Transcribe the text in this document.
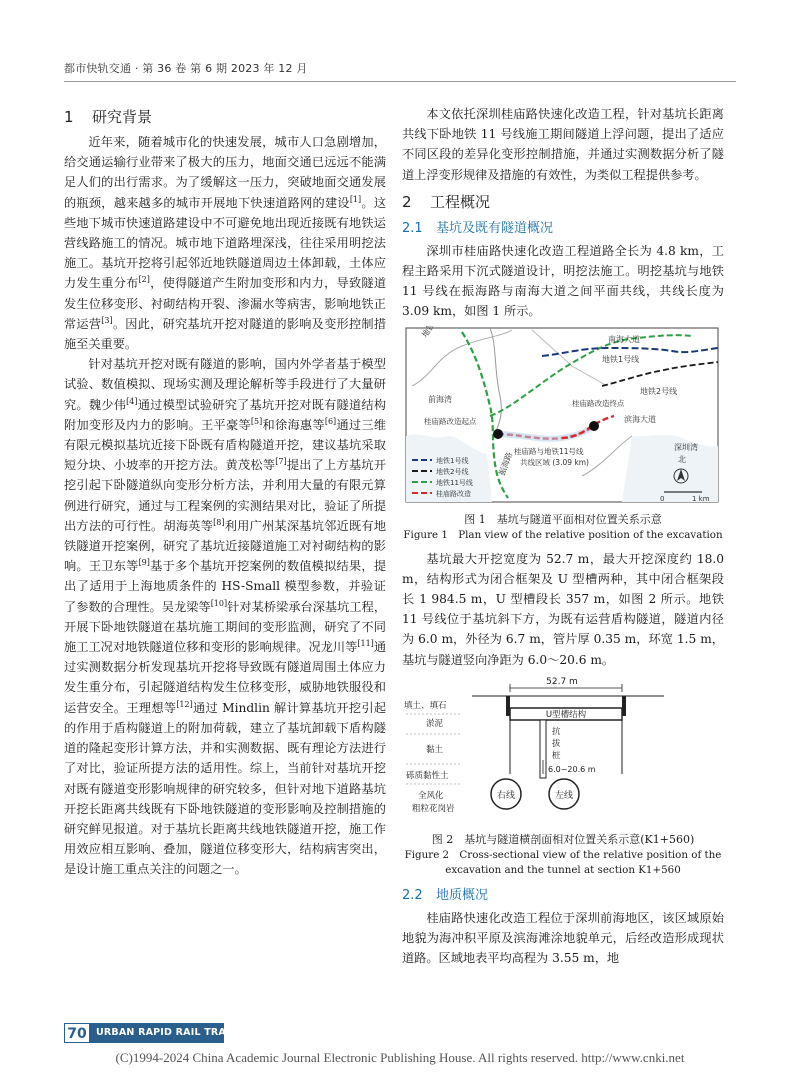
都市快轨交通 · 第 36 卷 第 6 期 2023 年 12 月
1 研究背景

近年来，随着城市化的快速发展，城市人口急剧增加，给交通运输行业带来了极大的压力，地面交通已远远不能满足人们的出行需求。为了缓解这一压力，突破地面交通发展的瓶颈，越来越多的城市开展地下快速道路网的建设[1]。这些地下城市快速道路建设中不可避免地出现近接既有地铁运营线路施工的情况。城市地下道路埋深浅，往往采用明挖法施工。基坑开挖将引起邻近地铁隧道周边土体卸载，土体应力发生重分布[2]，使得隧道产生附加变形和内力，导致隧道发生位移变形、衬砌结构开裂、渗漏水等病害，影响地铁正常运营[3]。因此，研究基坑开挖对隧道的影响及变形控制措施至关重要。

针对基坑开挖对既有隧道的影响，国内外学者基于模型试验、数值模拟、现场实测及理论解析等手段进行了大量研究。魏少伟[4]通过模型试验研究了基坑开挖对既有隧道结构附加变形及内力的影响。王平豪等[5]和徐海惠等[6]通过三维有限元模拟基坑近接下卧既有盾构隧道开挖，建议基坑采取短分块、小坡率的开挖方法。黄茂松等[7]提出了上方基坑开挖引起下卧隧道纵向变形分析方法，并利用大量的有限元算例进行研究，通过与工程案例的实测结果对比，验证了所提出方法的可行性。胡海英等[8]利用广州某深基坑邻近既有地铁隧道开挖案例，研究了基坑近接隧道施工对衬砌结构的影响。王卫东等[9]基于多个基坑开挖案例的数值模拟结果，提出了适用于上海地质条件的 HS-Small 模型参数，并验证了参数的合理性。吴龙梁等[10]针对某桥梁承台深基坑工程，开展下卧地铁隧道在基坑施工期间的变形监测，研究了不同施工工况对地铁隧道位移和变形的影响规律。况龙川等[11]通过实测数据分析发现基坑开挖将导致既有隧道周围土体应力发生重分布，引起隧道结构发生位移变形，威胁地铁服役和运营安全。王理想等[12]通过 Mindlin 解计算基坑开挖引起的作用于盾构隧道上的附加荷载，建立了基坑卸载下盾构隧道的隆起变形计算方法，并和实测数据、既有理论方法进行了对比，验证所提方法的适用性。综上，当前针对基坑开挖对既有隧道变形影响规律的研究较多，但针对地下道路基坑开挖长距离共线既有下卧地铁隧道的变形影响及控制措施的研究鲜见报道。对于基坑长距离共线地铁隧道开挖，施工作用效应相互影响、叠加，隧道位移变形大，结构病害突出，是设计施工重点关注的问题之一。

本文依托深圳桂庙路快速化改造工程，针对基坑长距离共线下卧地铁 11 号线施工期间隧道上浮问题，提出了适应不同区段的差异化变形控制措施，并通过实测数据分析了隧道上浮变形规律及措施的有效性，为类似工程提供参考。

2 工程概况
2.1 基坑及既有隧道概况

深圳市桂庙路快速化改造工程道路全长为 4.8 km，工程主路采用下沉式隧道设计，明挖法施工。明挖基坑与地铁 11 号线在振海路与南海大道之间平面共线，共线长度为 3.09 km，如图 1 所示。

南海大道
地铁1号线
桂庙路改造终点
地铁2号线
前海湾
滨海大道
桂庙路改造起点
桂庙路与地铁11号线
共线区域 (3.09 km)
深圳湾
振海路	北
0	1 km
地铁1号线
地铁2号线
地铁11号线
桂庙路改造
图 1　基坑与隧道平面相对位置关系示意
Figure 1　Plan view of the relative position of the excavation

基坑最大开挖宽度为 52.7 m，最大开挖深度约 18.0 m，结构形式为闭合框架及 U 型槽两种，其中闭合框架段长 1 984.5 m，U 型槽段长 357 m，如图 2 所示。地铁 11 号线位于基坑斜下方，为既有运营盾构隧道，隧道内径为 6.0 m，外径为 6.7 m，管片厚 0.35 m，环宽 1.5 m，基坑与隧道竖向净距为 6.0～20.6 m。

52.7 m
U型槽结构
抗
拔
桩
6.0~20.6 m
填土、填石
淤泥
黏土
砾质黏性土
全风化
粗粒花岗岩
右线	左线
图 2　基坑与隧道横剖面相对位置关系示意(K1+560)
Figure 2　Cross-sectional view of the relative position of the
excavation and the tunnel at section K1+560
2.2 地质概况

桂庙路快速化改造工程位于深圳前海地区，该区域原始地貌为海冲积平原及滨海滩涂地貌单元，后经改造形成现状道路。区域地表平均高程为 3.55 m，地

70 URBAN RAPID RAIL TRANSIT
(C)1994-2024 China Academic Journal Electronic Publishing House. All rights reserved. http://www.cnki.net
